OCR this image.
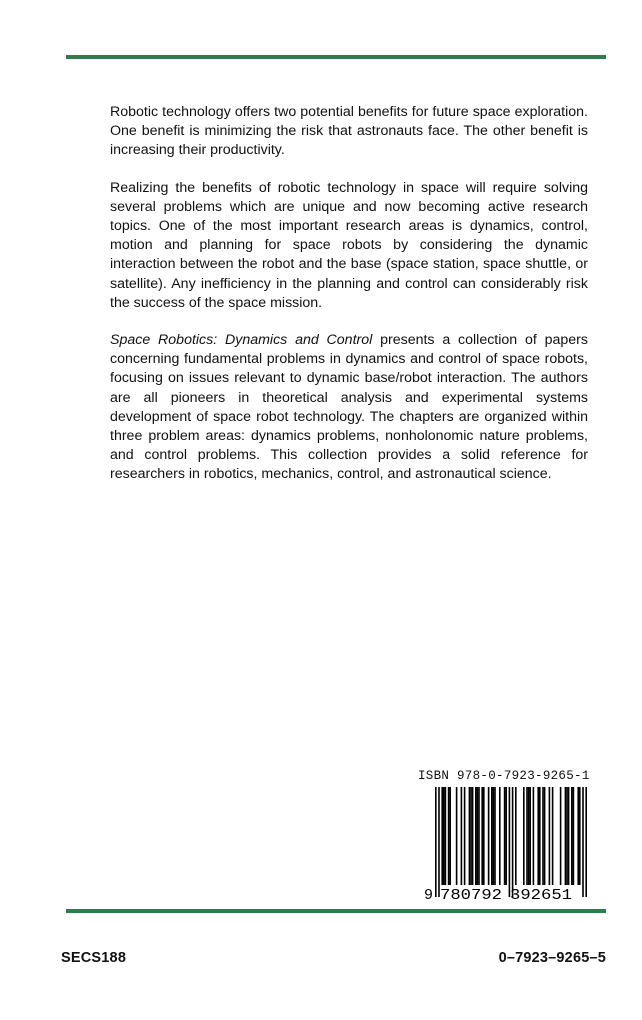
Robotic technology offers two potential benefits for future space exploration. One benefit is minimizing the risk that astronauts face. The other benefit is increasing their productivity.

Realizing the benefits of robotic technology in space will require solving several problems which are unique and now becoming active research topics. One of the most important research areas is dynamics, control, motion and planning for space robots by considering the dynamic interaction between the robot and the base (space station, space shuttle, or satellite). Any inefficiency in the planning and control can considerably risk the success of the space mission.

Space Robotics: Dynamics and Control presents a collection of papers concerning fundamental problems in dynamics and control of space robots, focusing on issues relevant to dynamic base/robot interaction. The authors are all pioneers in theoretical analysis and experimental systems development of space robot technology. The chapters are organized within three problem areas: dynamics problems, nonholonomic nature problems, and control problems. This collection provides a solid reference for researchers in robotics, mechanics, control, and astronautical science.

ISBN 978-0-7923-9265-1
9 780792 392651
SECS188	0–7923–9265–5
